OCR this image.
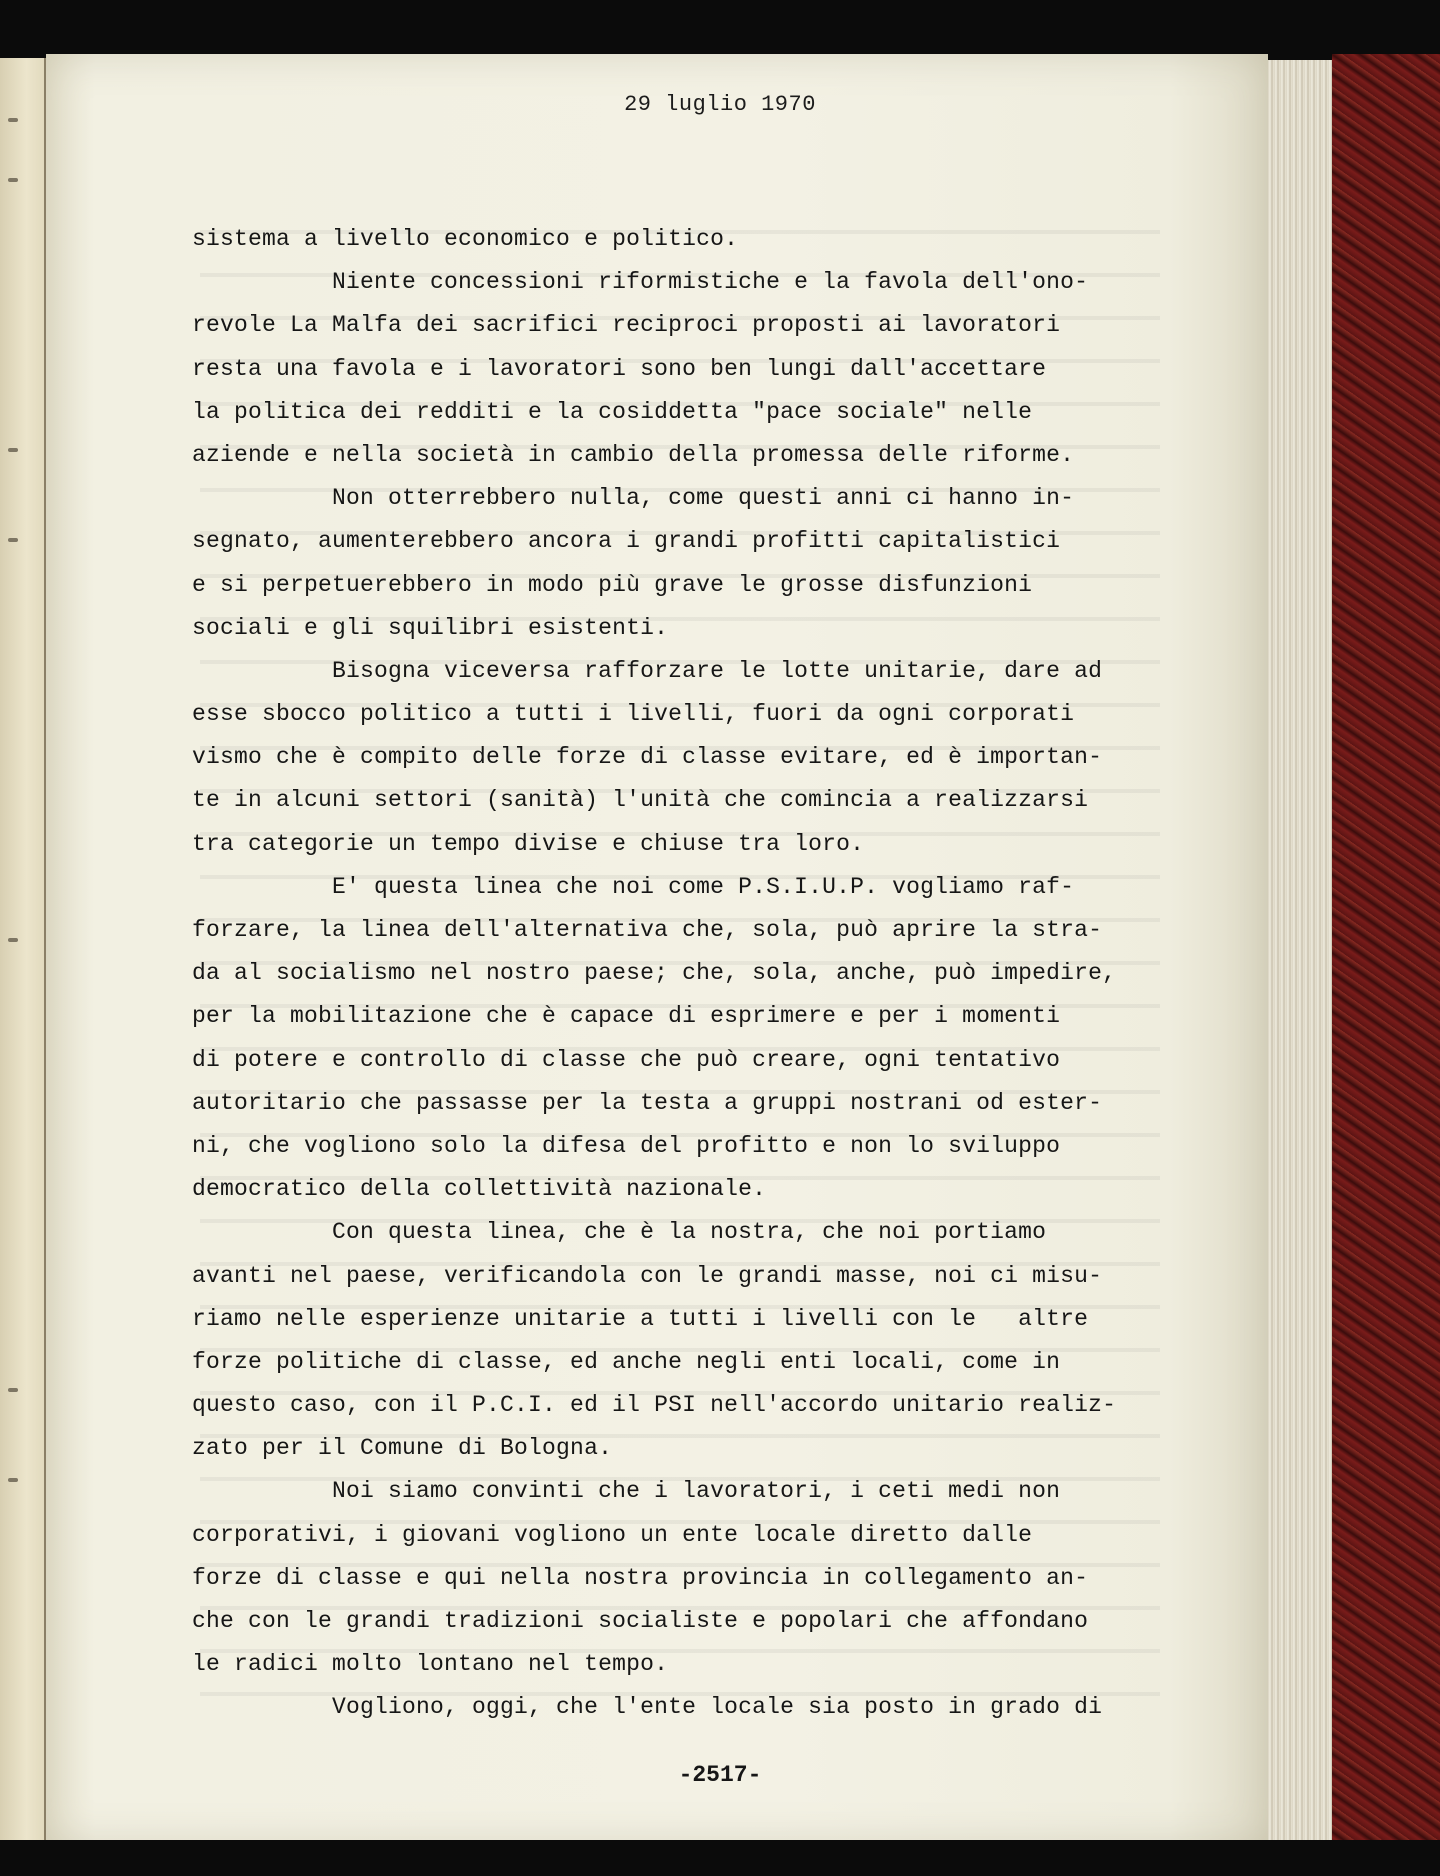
29 luglio 1970
sistema a livello economico e politico.
Niente concessioni riformistiche e la favola dell'ono-
revole La Malfa dei sacrifici reciproci proposti ai lavoratori
resta una favola e i lavoratori sono ben lungi dall'accettare
la politica dei redditi e la cosiddetta "pace sociale" nelle
aziende e nella società in cambio della promessa delle riforme.
Non otterrebbero nulla, come questi anni ci hanno in-
segnato, aumenterebbero ancora i grandi profitti capitalistici
e si perpetuerebbero in modo più grave le grosse disfunzioni
sociali e gli squilibri esistenti.
Bisogna viceversa rafforzare le lotte unitarie, dare ad
esse sbocco politico a tutti i livelli, fuori da ogni corporati
vismo che è compito delle forze di classe evitare, ed è importan-
te in alcuni settori (sanità) l'unità che comincia a realizzarsi
tra categorie un tempo divise e chiuse tra loro.
E' questa linea che noi come P.S.I.U.P. vogliamo raf-
forzare, la linea dell'alternativa che, sola, può aprire la stra-
da al socialismo nel nostro paese; che, sola, anche, può impedire,
per la mobilitazione che è capace di esprimere e per i momenti
di potere e controllo di classe che può creare, ogni tentativo
autoritario che passasse per la testa a gruppi nostrani od ester-
ni, che vogliono solo la difesa del profitto e non lo sviluppo
democratico della collettività nazionale.
Con questa linea, che è la nostra, che noi portiamo
avanti nel paese, verificandola con le grandi masse, noi ci misu-
riamo nelle esperienze unitarie a tutti i livelli con le   altre
forze politiche di classe, ed anche negli enti locali, come in
questo caso, con il P.C.I. ed il PSI nell'accordo unitario realiz-
zato per il Comune di Bologna.
Noi siamo convinti che i lavoratori, i ceti medi non
corporativi, i giovani vogliono un ente locale diretto dalle
forze di classe e qui nella nostra provincia in collegamento an-
che con le grandi tradizioni socialiste e popolari che affondano
le radici molto lontano nel tempo.
Vogliono, oggi, che l'ente locale sia posto in grado di
-2517-
